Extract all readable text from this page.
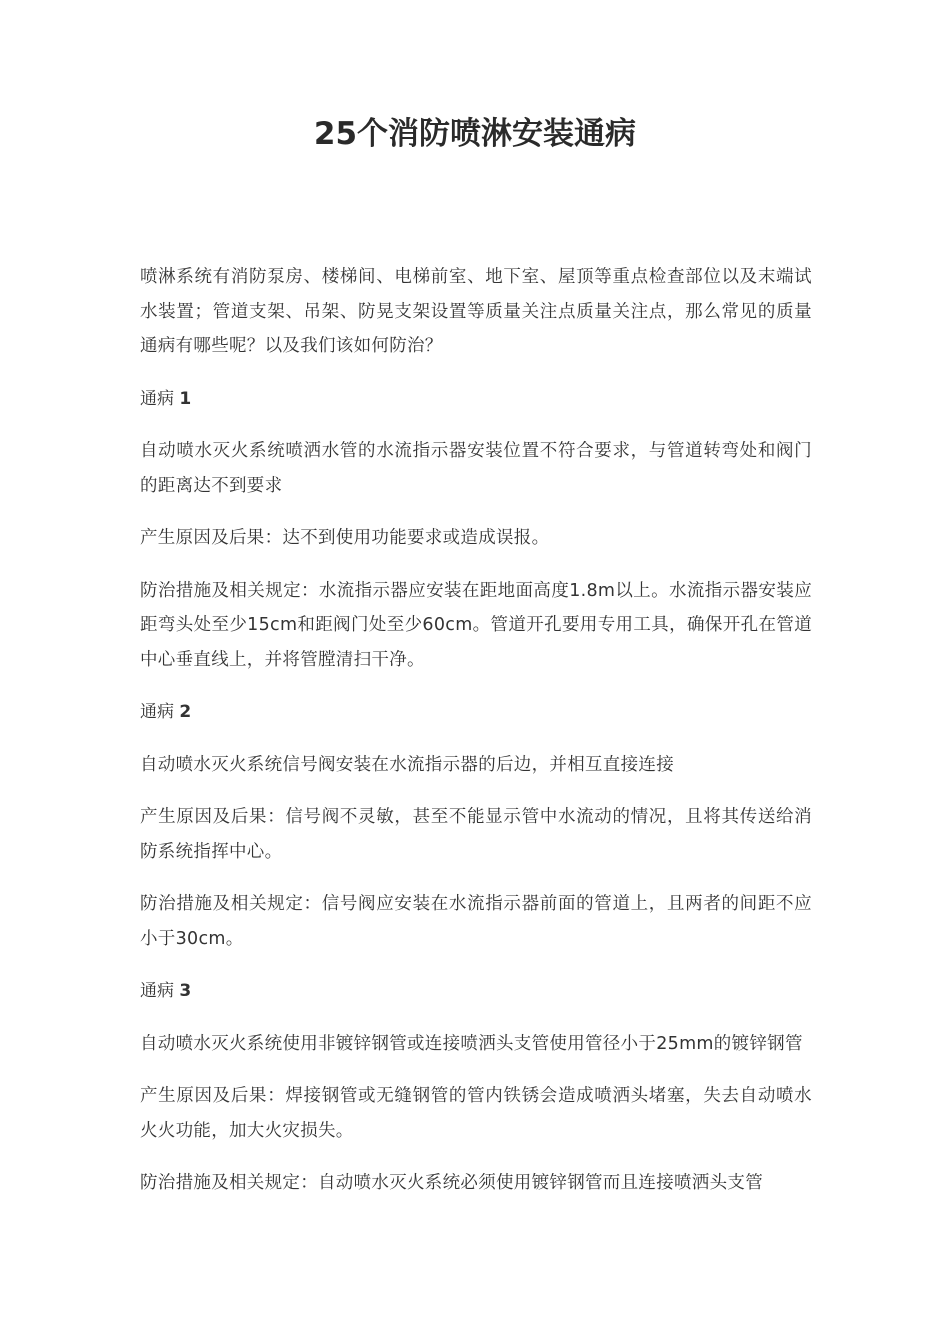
25个消防喷淋安装通病

喷淋系统有消防泵房、楼梯间、电梯前室、地下室、屋顶等重点检查部位以及末端试水装置；管道支架、吊架、防晃支架设置等质量关注点质量关注点，那么常见的质量通病有哪些呢？以及我们该如何防治？

通病 1

自动喷水灭火系统喷洒水管的水流指示器安装位置不符合要求，与管道转弯处和阀门的距离达不到要求

产生原因及后果：达不到使用功能要求或造成误报。

防治措施及相关规定：水流指示器应安装在距地面高度1.8m以上。水流指示器安装应距弯头处至少15cm和距阀门处至少60cm。管道开孔要用专用工具，确保开孔在管道中心垂直线上，并将管膛清扫干净。

通病 2

自动喷水灭火系统信号阀安装在水流指示器的后边，并相互直接连接

产生原因及后果：信号阀不灵敏，甚至不能显示管中水流动的情况，且将其传送给消防系统指挥中心。

防治措施及相关规定：信号阀应安装在水流指示器前面的管道上，且两者的间距不应小于30cm。

通病 3

自动喷水灭火系统使用非镀锌钢管或连接喷洒头支管使用管径小于25mm的镀锌钢管

产生原因及后果：焊接钢管或无缝钢管的管内铁锈会造成喷洒头堵塞，失去自动喷水火火功能，加大火灾损失。

防治措施及相关规定：自动喷水灭火系统必须使用镀锌钢管而且连接喷洒头支管
